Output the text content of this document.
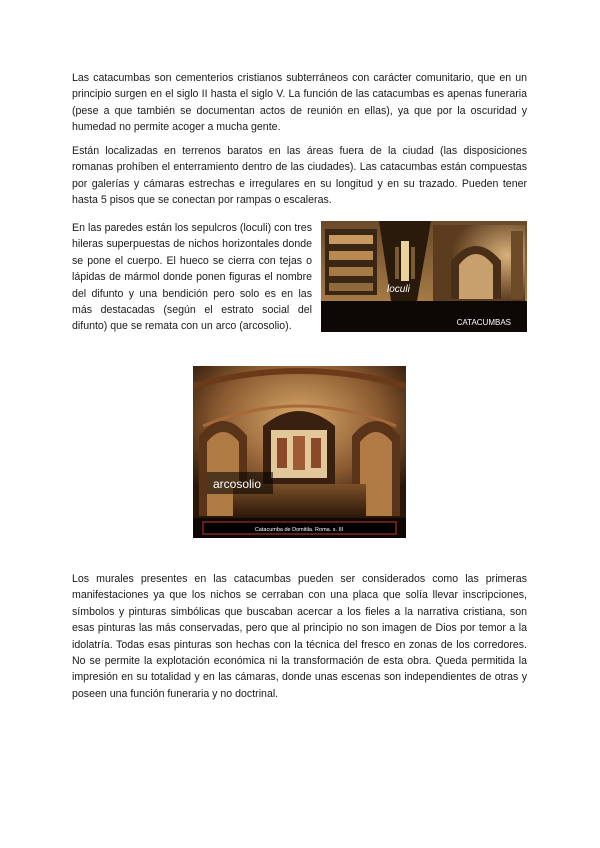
Las catacumbas son cementerios cristianos subterráneos con carácter comunitario, que en un principio surgen en el siglo II hasta el siglo V. La función de las catacumbas es apenas funeraria (pese a que también se documentan actos de reunión en ellas), ya que por la oscuridad y humedad no permite acoger a mucha gente.

Están localizadas en terrenos baratos en las áreas fuera de la ciudad (las disposiciones romanas prohíben el enterramiento dentro de las ciudades). Las catacumbas están compuestas por galerías y cámaras estrechas e irregulares en su longitud y en su trazado. Pueden tener hasta 5 pisos que se conectan por rampas o escaleras.

En las paredes están los sepulcros (loculi) con tres hileras superpuestas de nichos horizontales donde se pone el cuerpo. El hueco se cierra con tejas o lápidas de mármol donde ponen figuras el nombre del difunto y una bendición pero solo es en las más destacadas (según el estrato social del difunto) que se remata con un arco (arcosolio).

loculi
CATACUMBAS
arcosolio
Catacumba de Domitila. Roma. s. III

Los murales presentes en las catacumbas pueden ser considerados como las primeras manifestaciones ya que los nichos se cerraban con una placa que solía llevar inscripciones, símbolos y pinturas simbólicas que buscaban acercar a los fieles a la narrativa cristiana, son esas pinturas las más conservadas, pero que al principio no son imagen de Dios por temor a la idolatría. Todas esas pinturas son hechas con la técnica del fresco en zonas de los corredores. No se permite la explotación económica ni la transformación de esta obra. Queda permitida la impresión en su totalidad y en las cámaras, donde unas escenas son independientes de otras y poseen una función funeraria y no doctrinal.
